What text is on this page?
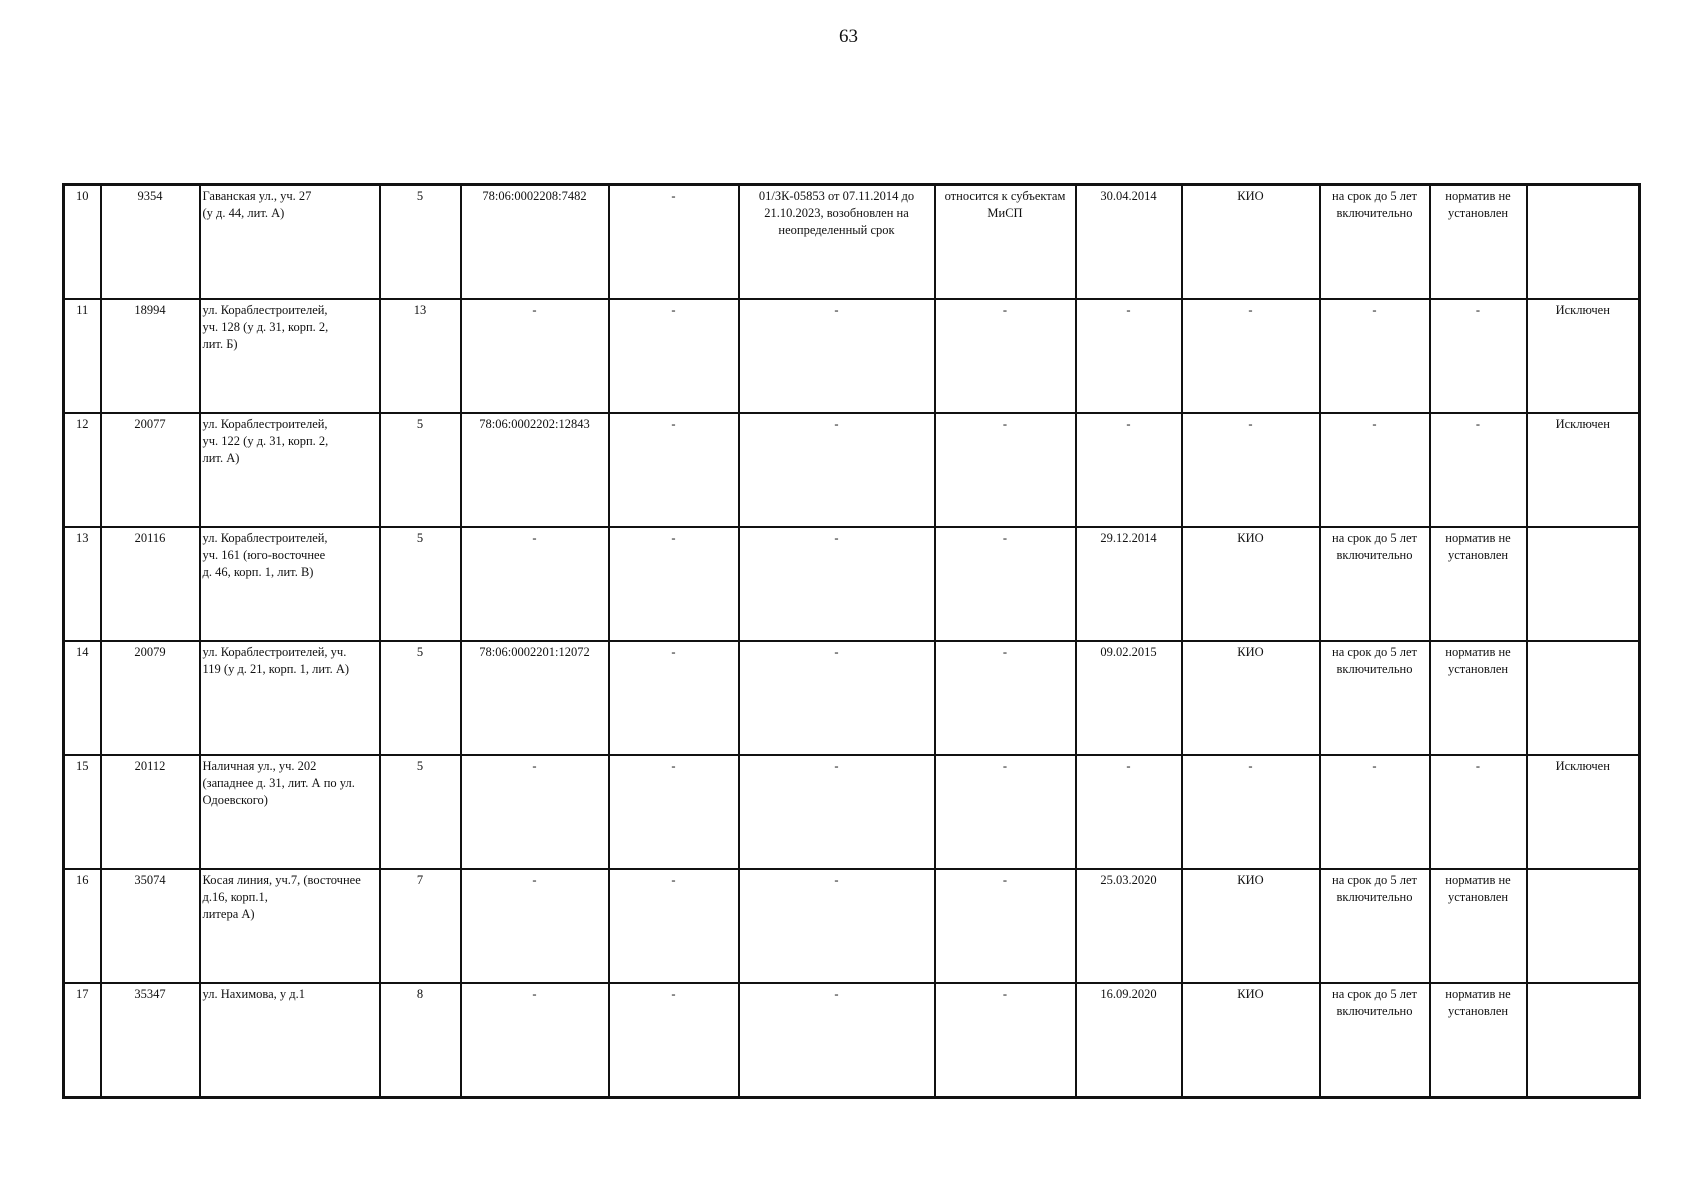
63
10	9354	Гаванская ул., уч. 27
(у д. 44, лит. А)	5	78:06:0002208:7482	-	01/ЗК-05853 от 07.11.2014 до 21.10.2023, возобновлен на неопределенный срок	относится к субъектам МиСП	30.04.2014	КИО	на срок до 5 лет включительно	норматив не установлен	
11	18994	ул. Кораблестроителей,
уч. 128 (у д. 31, корп. 2,
лит. Б)	13	-	-	-	-	-	-	-	-	Исключен
12	20077	ул. Кораблестроителей,
уч. 122 (у д. 31, корп. 2,
лит. А)	5	78:06:0002202:12843	-	-	-	-	-	-	-	Исключен
13	20116	ул. Кораблестроителей,
уч. 161 (юго-восточнее
д. 46, корп. 1, лит. В)	5	-	-	-	-	29.12.2014	КИО	на срок до 5 лет включительно	норматив не установлен	
14	20079	ул. Кораблестроителей, уч.
119 (у д. 21, корп. 1, лит. А)	5	78:06:0002201:12072	-	-	-	09.02.2015	КИО	на срок до 5 лет включительно	норматив не установлен	
15	20112	Наличная ул., уч. 202
(западнее д. 31, лит. А по ул.
Одоевского)	5	-	-	-	-	-	-	-	-	Исключен
16	35074	Косая линия, уч.7, (восточнее
д.16, корп.1,
литера А)	7	-	-	-	-	25.03.2020	КИО	на срок до 5 лет включительно	норматив не установлен	
17	35347	ул. Нахимова, у д.1	8	-	-	-	-	16.09.2020	КИО	на срок до 5 лет включительно	норматив не установлен	
